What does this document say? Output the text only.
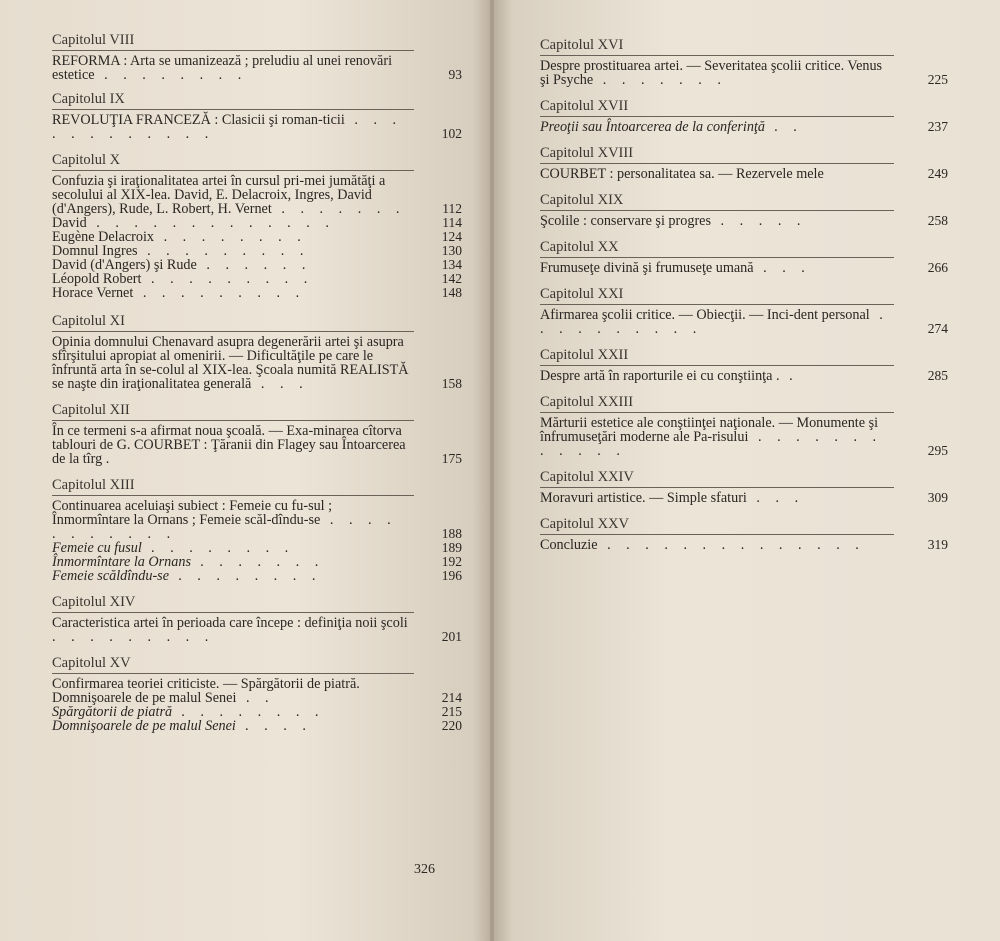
Capitolul VIII
REFORMA : Arta se umanizează ; preludiu al unei renovări estetice . . . . . . . .	93
Capitolul IX
REVOLUŢIA FRANCEZĂ : Clasicii şi roman-ticii . . . . . . . . . . . .	102
Capitolul X
Confuzia şi iraţionalitatea artei în cursul pri-mei jumătăţi a secolului al XIX-lea. David, E. Delacroix, Ingres, David (d'Angers), Rude, L. Robert, H. Vernet . . . . . . .	112
David . . . . . . . . . . . . .	114
Eugène Delacroix . . . . . . . .	124
Domnul Ingres . . . . . . . . .	130
David (d'Angers) şi Rude . . . . . .	134
Léopold Robert . . . . . . . . .	142
Horace Vernet . . . . . . . . .	148
Capitolul XI
Opinia domnului Chenavard asupra degenerării artei şi asupra sfîrşitului apropiat al omenirii. — Dificultăţile pe care le înfruntă arta în se-colul al XIX-lea. Şcoala numită REALISTĂ se naşte din iraţionalitatea generală . . .	158
Capitolul XII
În ce termeni s-a afirmat noua şcoală. — Exa-minarea cîtorva tablouri de G. COURBET : Ţăranii din Flagey sau Întoarcerea de la tîrg .	175
Capitolul XIII
Continuarea aceluiaşi subiect : Femeie cu fu-sul ; Înmormîntare la Ornans ; Femeie scăl-dîndu-se . . . . . . . . . . .	188
Femeie cu fusul . . . . . . . .	189
Înmormîntare la Ornans . . . . . . .	192
Femeie scăldîndu-se . . . . . . . .	196
Capitolul XIV
Caracteristica artei în perioada care începe : definiţia noii şcoli . . . . . . . . .	201
Capitolul XV
Confirmarea teoriei criticiste. — Spărgătorii de piatră. Domnişoarele de pe malul Senei . .	214
Spărgătorii de piatră . . . . . . . .	215
Domnişoarele de pe malul Senei . . . .	220
Capitolul XVI
Despre prostituarea artei. — Severitatea şcolii critice. Venus şi Psyche . . . . . . .	225
Capitolul XVII
Preoţii sau Întoarcerea de la conferinţă . .	237
Capitolul XVIII
COURBET : personalitatea sa. — Rezervele mele	249
Capitolul XIX
Şcolile : conservare şi progres . . . . .	258
Capitolul XX
Frumuseţe divină şi frumuseţe umană . . .	266
Capitolul XXI
Afirmarea şcolii critice. — Obiecţii. — Inci-dent personal . . . . . . . . . .	274
Capitolul XXII
Despre artă în raporturile ei cu conştiinţa . .	285
Capitolul XXIII
Mărturii estetice ale conştiinţei naţionale. — Monumente şi înfrumuseţări moderne ale Pa-risului . . . . . . . . . . . .	295
Capitolul XXIV
Moravuri artistice. — Simple sfaturi . . .	309
Capitolul XXV
Concluzie . . . . . . . . . . . . . .	319
326
